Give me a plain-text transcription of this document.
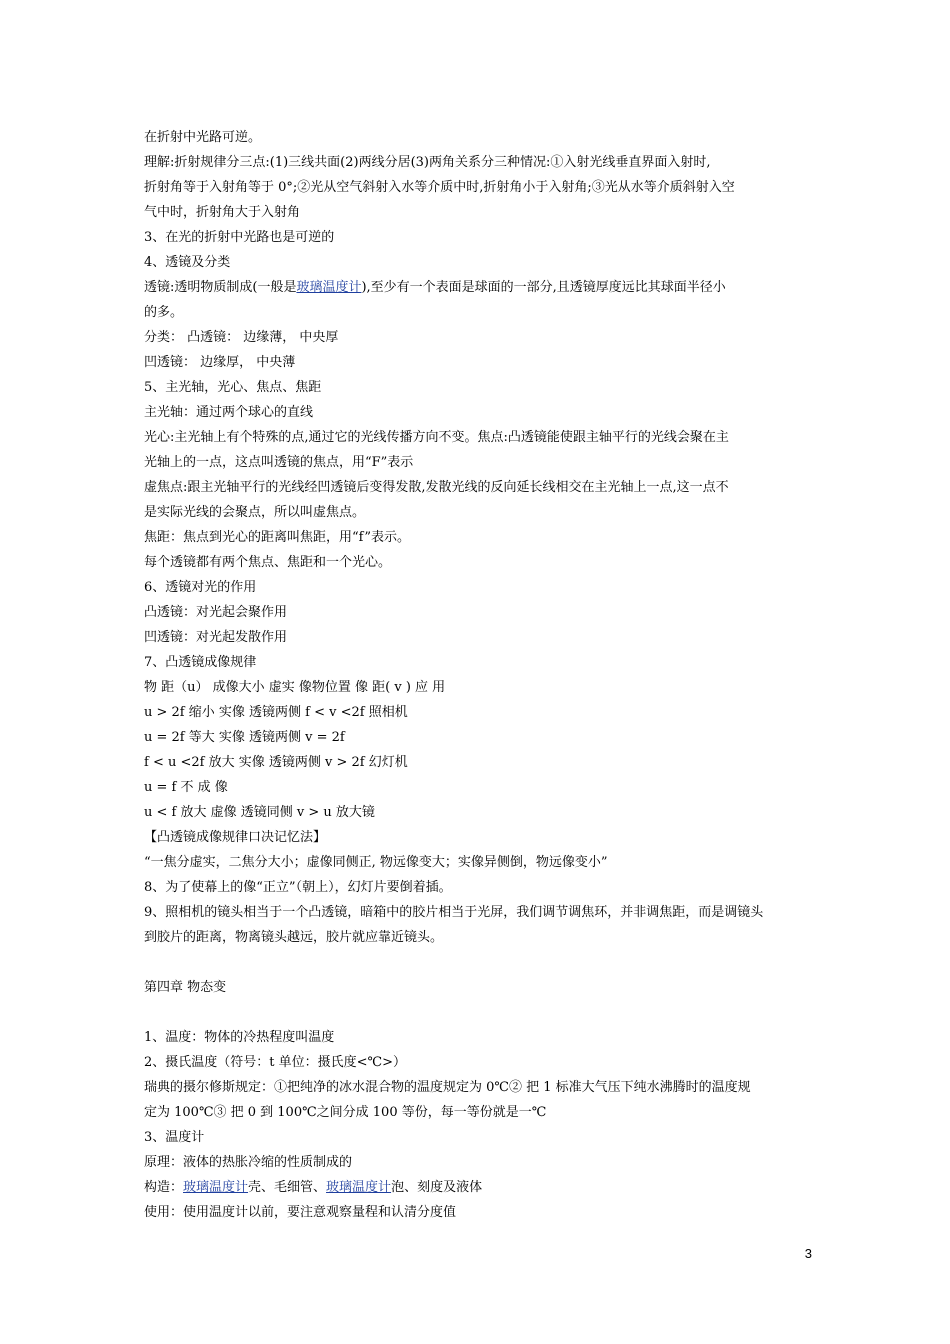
在折射中光路可逆。
理解:折射规律分三点:(1)三线共面(2)两线分居(3)两角关系分三种情况:①入射光线垂直界面入射时,
折射角等于入射角等于 0°;②光从空气斜射入水等介质中时,折射角小于入射角;③光从水等介质斜射入空
气中时，折射角大于入射角
3、在光的折射中光路也是可逆的
4、透镜及分类
透镜:透明物质制成(一般是玻璃温度计),至少有一个表面是球面的一部分,且透镜厚度远比其球面半径小
的多。
分类： 凸透镜： 边缘薄， 中央厚
凹透镜： 边缘厚， 中央薄
5、主光轴，光心、焦点、焦距
主光轴：通过两个球心的直线
光心:主光轴上有个特殊的点,通过它的光线传播方向不变。焦点:凸透镜能使跟主轴平行的光线会聚在主
光轴上的一点，这点叫透镜的焦点，用“F”表示
虚焦点:跟主光轴平行的光线经凹透镜后变得发散,发散光线的反向延长线相交在主光轴上一点,这一点不
是实际光线的会聚点，所以叫虚焦点。
焦距：焦点到光心的距离叫焦距，用“f”表示。
每个透镜都有两个焦点、焦距和一个光心。
6、透镜对光的作用
凸透镜：对光起会聚作用
凹透镜：对光起发散作用
7、凸透镜成像规律
物 距（u） 成像大小 虚实 像物位置 像 距( v ) 应 用
u > 2f 缩小 实像 透镜两侧 f < v <2f 照相机
u = 2f 等大 实像 透镜两侧 v = 2f
f < u <2f 放大 实像 透镜两侧 v > 2f 幻灯机
u = f 不 成 像
u < f 放大 虚像 透镜同侧 v > u 放大镜
【凸透镜成像规律口决记忆法】
“一焦分虚实，二焦分大小；虚像同侧正, 物远像变大；实像异侧倒，物远像变小”
8、为了使幕上的像“正立”（朝上），幻灯片要倒着插。
9、照相机的镜头相当于一个凸透镜，暗箱中的胶片相当于光屏，我们调节调焦环，并非调焦距，而是调镜头
到胶片的距离，物离镜头越远，胶片就应靠近镜头。
第四章 物态变
1、温度：物体的冷热程度叫温度
2、摄氏温度（符号：t 单位：摄氏度<℃>）
瑞典的摄尔修斯规定：①把纯净的冰水混合物的温度规定为 0℃② 把 1 标准大气压下纯水沸腾时的温度规
定为 100℃③ 把 0 到 100℃之间分成 100 等份，每一等份就是一℃
3、温度计
原理：液体的热胀冷缩的性质制成的
构造：玻璃温度计壳、毛细管、玻璃温度计泡、刻度及液体
使用：使用温度计以前，要注意观察量程和认清分度值
3
